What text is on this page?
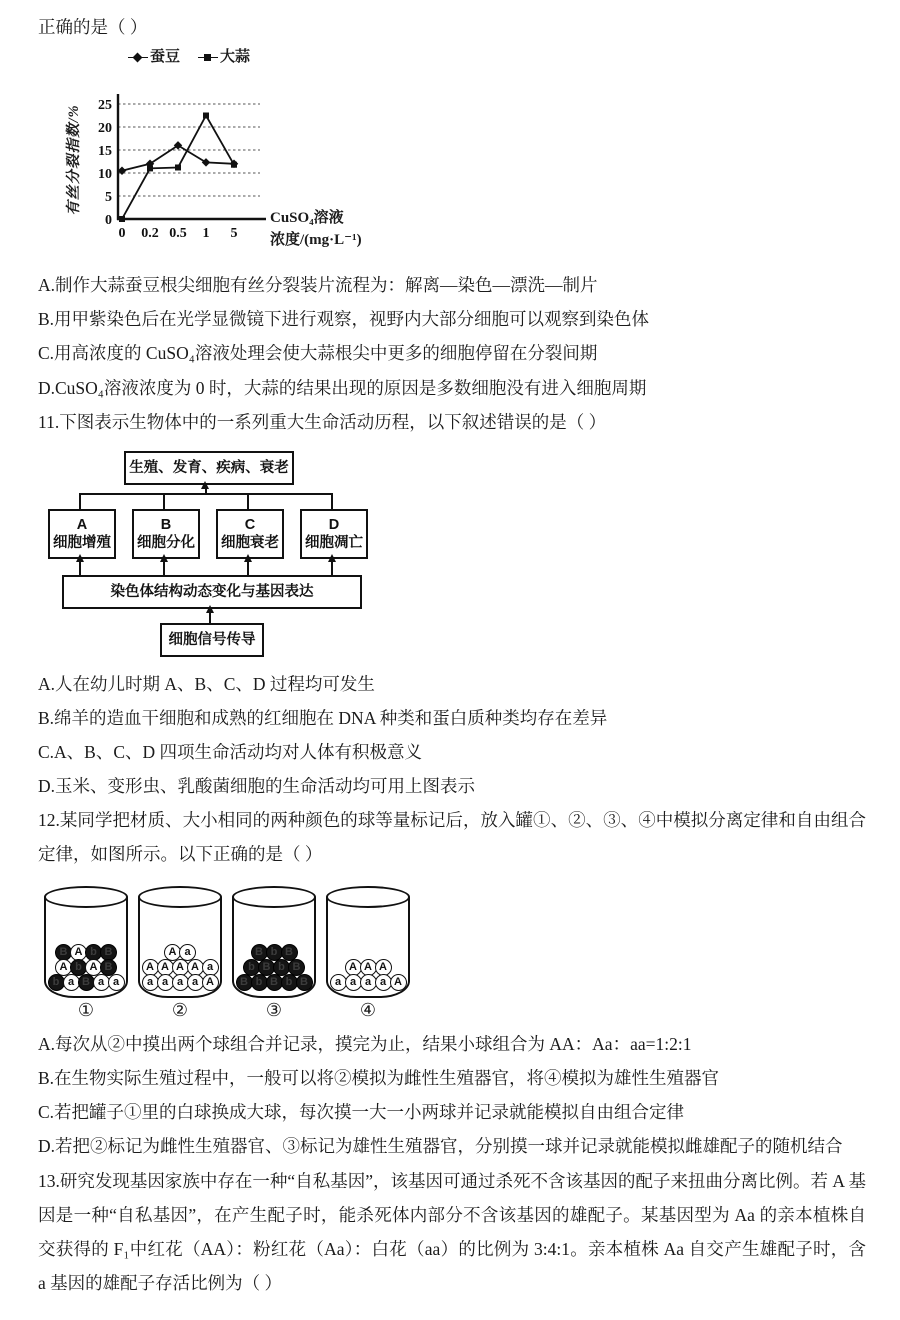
正确的是（ ）

蚕豆	大蒜
有丝分裂指数/%
0
5
10
15
20
25
0 0.2 0.5 1 5
CuSO₄溶液
浓度/(mg·L⁻¹)

A.制作大蒜蚕豆根尖细胞有丝分裂装片流程为：解离—染色—漂洗—制片

B.用甲紫染色后在光学显微镜下进行观察，视野内大部分细胞可以观察到染色体

C.用高浓度的 CuSO₄溶液处理会使大蒜根尖中更多的细胞停留在分裂间期

D.CuSO₄溶液浓度为 0 时，大蒜的结果出现的原因是多数细胞没有进入细胞周期

11.下图表示生物体中的一系列重大生命活动历程，以下叙述错误的是（ ）

生殖、发育、疾病、衰老
A
细胞增殖
B
细胞分化
C
细胞衰老
D
细胞凋亡
染色体结构动态变化与基因表达
细胞信号传导

A.人在幼儿时期 A、B、C、D 过程均可发生

B.绵羊的造血干细胞和成熟的红细胞在 DNA 种类和蛋白质种类均存在差异

C.A、B、C、D 四项生命活动均对人体有积极意义

D.玉米、变形虫、乳酸菌细胞的生命活动均可用上图表示

12.某同学把材质、大小相同的两种颜色的球等量标记后，放入罐①、②、③、④中模拟分离定律和自由组合定律，如图所示。以下正确的是（ ）

B A b B
A b A B
b a B a a
①
A a
A A A A a
a a a a A
②
B b B
b B b B
B b B b B
③
A A A
a a a a A
④

A.每次从②中摸出两个球组合并记录，摸完为止，结果小球组合为 AA：Aa：aa=1:2:1

B.在生物实际生殖过程中，一般可以将②模拟为雌性生殖器官，将④模拟为雄性生殖器官

C.若把罐子①里的白球换成大球，每次摸一大一小两球并记录就能模拟自由组合定律

D.若把②标记为雌性生殖器官、③标记为雄性生殖器官，分别摸一球并记录就能模拟雌雄配子的随机结合

13.研究发现基因家族中存在一种“自私基因”，该基因可通过杀死不含该基因的配子来扭曲分离比例。若 A 基因是一种“自私基因”，在产生配子时，能杀死体内部分不含该基因的雄配子。某基因型为 Aa 的亲本植株自交获得的 F₁中红花（AA）：粉红花（Aa）：白花（aa）的比例为 3:4:1。亲本植株 Aa 自交产生雄配子时，含 a 基因的雄配子存活比例为（ ）
